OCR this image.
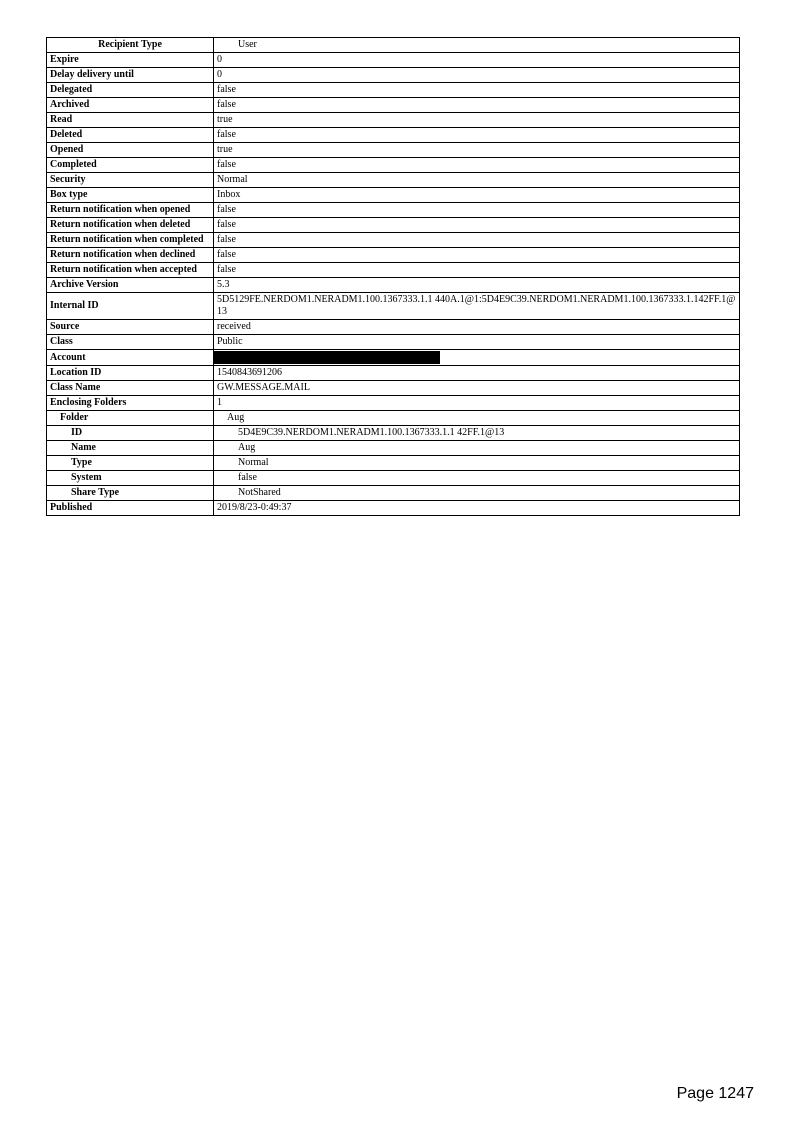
Recipient Type	User
Expire	0
Delay delivery until	0
Delegated	false
Archived	false
Read	true
Deleted	false
Opened	true
Completed	false
Security	Normal
Box type	Inbox
Return notification when opened	false
Return notification when deleted	false
Return notification when completed	false
Return notification when declined	false
Return notification when accepted	false
Archive Version	5.3
Internal ID	5D5129FE.NERDOM1.NERADM1.100.1367333.1.1 440A.1@1:5D4E9C39.NERDOM1.NERADM1.100.1367333.1.142FF.1@13
Source	received
Class	Public
Account	
Location ID	1540843691206
Class Name	GW.MESSAGE.MAIL
Enclosing Folders	1
Folder	Aug
ID	5D4E9C39.NERDOM1.NERADM1.100.1367333.1.1 42FF.1@13
Name	Aug
Type	Normal
System	false
Share Type	NotShared
Published	2019/8/23-0:49:37
Page 1247
